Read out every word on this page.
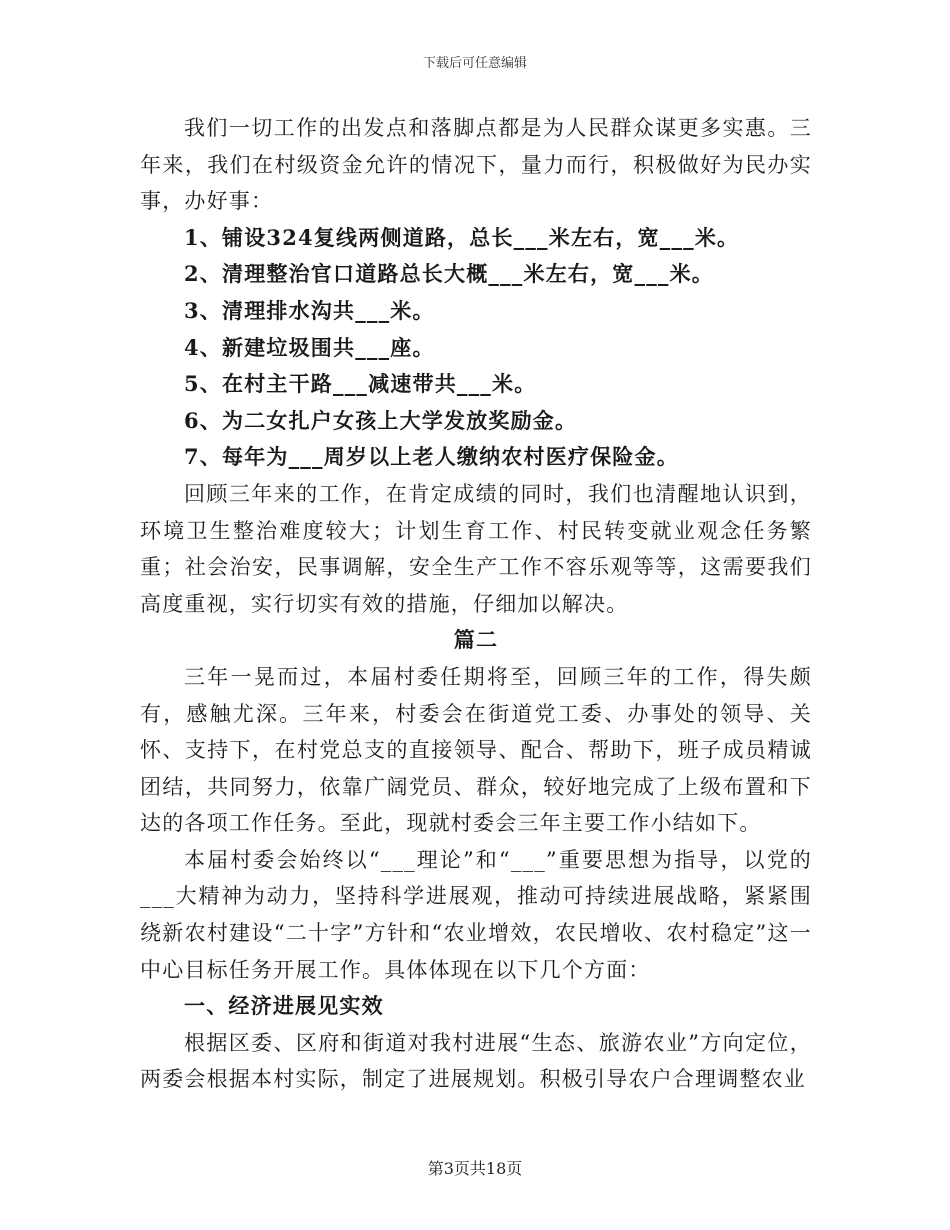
下载后可任意编辑

我们一切工作的出发点和落脚点都是为人民群众谋更多实惠。三年来，我们在村级资金允许的情况下，量力而行，积极做好为民办实事，办好事：

1、铺设324复线两侧道路，总长___米左右，宽___米。
2、清理整治官口道路总长大概___米左右，宽___米。
3、清理排水沟共___米。
4、新建垃圾围共___座。
5、在村主干路___减速带共___米。
6、为二女扎户女孩上大学发放奖励金。
7、每年为___周岁以上老人缴纳农村医疗保险金。

回顾三年来的工作，在肯定成绩的同时，我们也清醒地认识到，环境卫生整治难度较大；计划生育工作、村民转变就业观念任务繁重；社会治安，民事调解，安全生产工作不容乐观等等，这需要我们高度重视，实行切实有效的措施，仔细加以解决。

篇二

三年一晃而过，本届村委任期将至，回顾三年的工作，得失颇有，感触尤深。三年来，村委会在街道党工委、办事处的领导、关怀、支持下，在村党总支的直接领导、配合、帮助下，班子成员精诚团结，共同努力，依靠广阔党员、群众，较好地完成了上级布置和下达的各项工作任务。至此，现就村委会三年主要工作小结如下。

本届村委会始终以“___理论”和“___”重要思想为指导，以党的___大精神为动力，坚持科学进展观，推动可持续进展战略，紧紧围绕新农村建设“二十字”方针和“农业增效，农民增收、农村稳定”这一中心目标任务开展工作。具体体现在以下几个方面：

一、经济进展见实效

根据区委、区府和街道对我村进展“生态、旅游农业”方向定位，两委会根据本村实际，制定了进展规划。积极引导农户合理调整农业

第3页共18页
